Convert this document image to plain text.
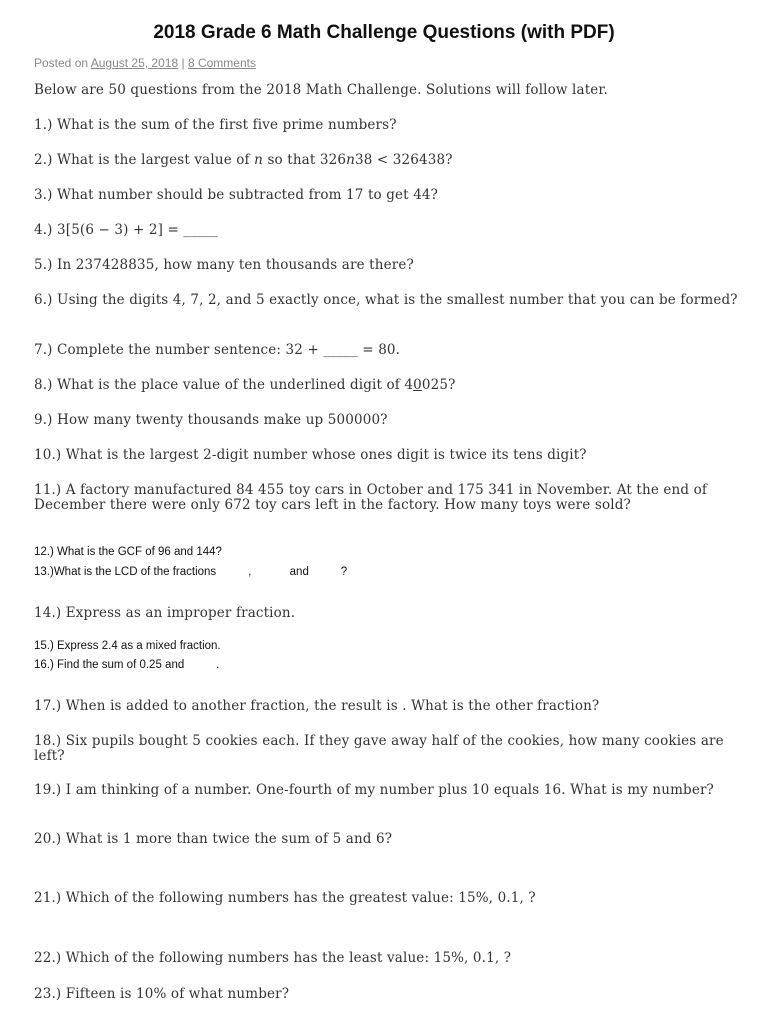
2018 Grade 6 Math Challenge Questions (with PDF)
Posted on August 25, 2018 | 8 Comments
Below are 50 questions from the 2018 Math Challenge. Solutions will follow later.
1.) What is the sum of the first five prime numbers?
2.) What is the largest value of n so that 326n38 < 326438?
3.) What number should be subtracted from 17 to get 44?
4.) 3[5(6 − 3) + 2] = _____
5.) In 237428835, how many ten thousands are there?
6.) Using the digits 4, 7, 2, and 5 exactly once, what is the smallest number that you can be formed?
7.) Complete the number sentence: 32 + _____ = 80.
8.) What is the place value of the underlined digit of 40025?
9.) How many twenty thousands make up 500000?
10.) What is the largest 2-digit number whose ones digit is twice its tens digit?
11.) A factory manufactured 84 455 toy cars in October and 175 341 in November. At the end of December there were only 672 toy cars left in the factory. How many toys were sold?
12.) What is the GCF of 96 and 144?
13.)What is the LCD of the fractions          ,            and          ?
14.) Express as an improper fraction.
15.) Express 2.4 as a mixed fraction.
16.) Find the sum of 0.25 and          .
17.) When is added to another fraction, the result is . What is the other fraction?
18.) Six pupils bought 5 cookies each. If they gave away half of the cookies, how many cookies are left?
19.) I am thinking of a number. One-fourth of my number plus 10 equals 16. What is my number?
20.) What is 1 more than twice the sum of 5 and 6?
21.) Which of the following numbers has the greatest value: 15%, 0.1, ?
22.) Which of the following numbers has the least value: 15%, 0.1, ?
23.) Fifteen is 10% of what number?
